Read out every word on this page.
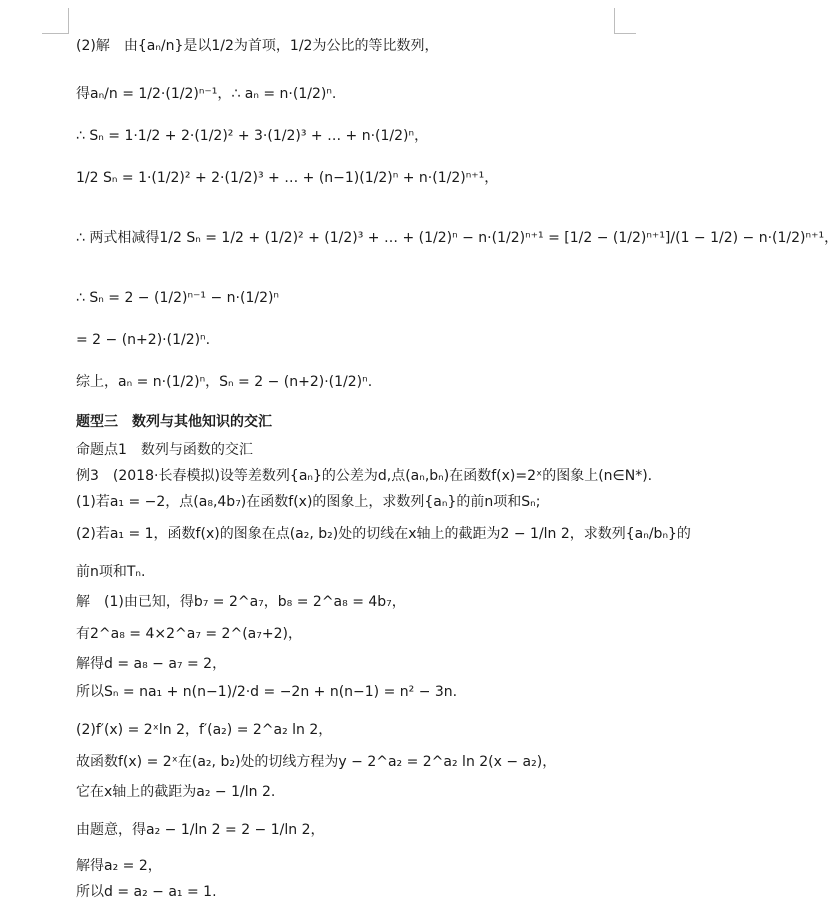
(2)解　由{aₙ/n}是以1/2为首项，1/2为公比的等比数列，
得aₙ/n = 1/2·(1/2)ⁿ⁻¹，∴ aₙ = n·(1/2)ⁿ.
∴ Sₙ = 1·1/2 + 2·(1/2)² + 3·(1/2)³ + … + n·(1/2)ⁿ，
1/2 Sₙ = 1·(1/2)² + 2·(1/2)³ + … + (n−1)(1/2)ⁿ + n·(1/2)ⁿ⁺¹，
∴ 两式相减得1/2 Sₙ = 1/2 + (1/2)² + (1/2)³ + … + (1/2)ⁿ − n·(1/2)ⁿ⁺¹ = [1/2 − (1/2)ⁿ⁺¹]/(1 − 1/2) − n·(1/2)ⁿ⁺¹，
∴ Sₙ = 2 − (1/2)ⁿ⁻¹ − n·(1/2)ⁿ
= 2 − (n+2)·(1/2)ⁿ.
综上，aₙ = n·(1/2)ⁿ，Sₙ = 2 − (n+2)·(1/2)ⁿ.
题型三　数列与其他知识的交汇
命题点1　数列与函数的交汇
例3　(2018·长春模拟)设等差数列{aₙ}的公差为d,点(aₙ,bₙ)在函数f(x)=2ˣ的图象上(n∈N*).
(1)若a₁ = −2，点(a₈,4b₇)在函数f(x)的图象上，求数列{aₙ}的前n项和Sₙ;
(2)若a₁ = 1，函数f(x)的图象在点(a₂, b₂)处的切线在x轴上的截距为2 − 1/ln 2，求数列{aₙ/bₙ}的
前n项和Tₙ.
解　(1)由已知，得b₇ = 2^a₇，b₈ = 2^a₈ = 4b₇，
有2^a₈ = 4×2^a₇ = 2^(a₇+2)，
解得d = a₈ − a₇ = 2，
所以Sₙ = na₁ + n(n−1)/2·d = −2n + n(n−1) = n² − 3n.
(2)f′(x) = 2ˣln 2，f′(a₂) = 2^a₂ ln 2，
故函数f(x) = 2ˣ在(a₂, b₂)处的切线方程为y − 2^a₂ = 2^a₂ ln 2(x − a₂)，
它在x轴上的截距为a₂ − 1/ln 2.
由题意，得a₂ − 1/ln 2 = 2 − 1/ln 2，
解得a₂ = 2，
所以d = a₂ − a₁ = 1.
